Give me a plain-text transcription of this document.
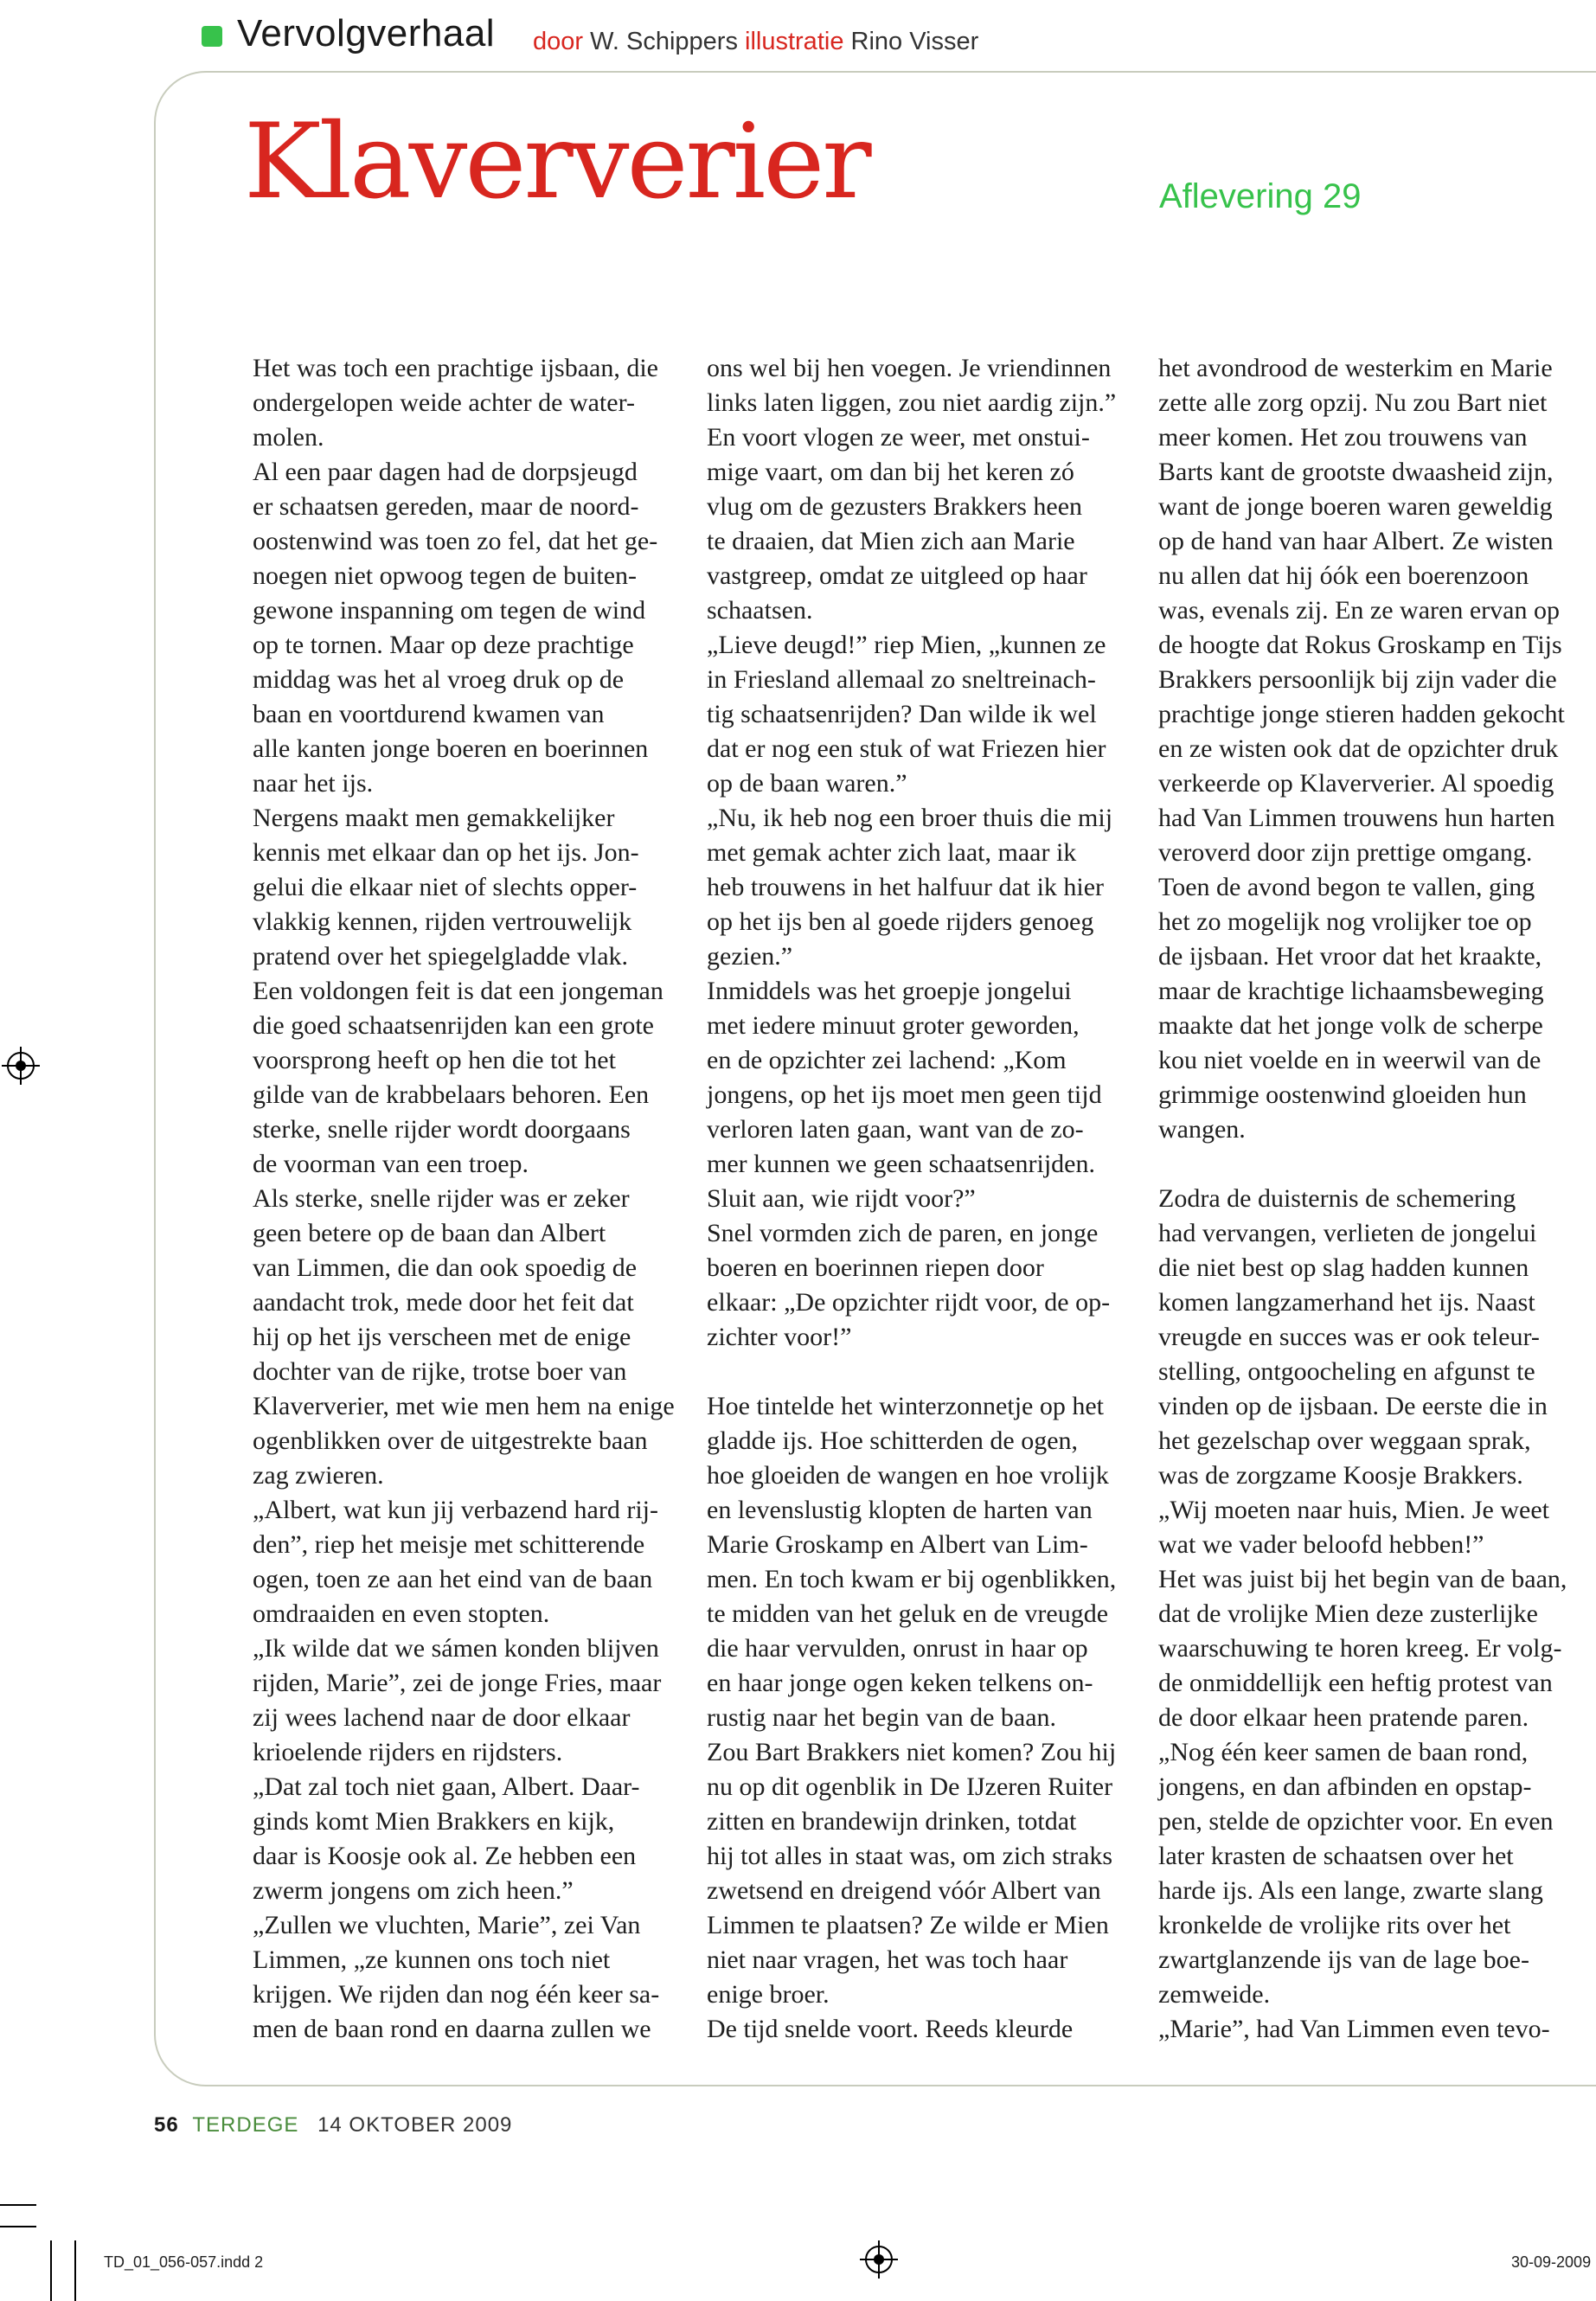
Vervolgverhaal door W. Schippers illustratie Rino Visser
Klaververier	Aflevering 29
Het was toch een prachtige ijsbaan, die
ondergelopen weide achter de water-
molen.
Al een paar dagen had de dorpsjeugd
er schaatsen gereden, maar de noord-
oostenwind was toen zo fel, dat het ge-
noegen niet opwoog tegen de buiten-
gewone inspanning om tegen de wind
op te tornen. Maar op deze prachtige
middag was het al vroeg druk op de
baan en voortdurend kwamen van
alle kanten jonge boeren en boerinnen
naar het ijs.
Nergens maakt men gemakkelijker
kennis met elkaar dan op het ijs. Jon-
gelui die elkaar niet of slechts opper-
vlakkig kennen, rijden vertrouwelijk
pratend over het spiegelgladde vlak.
Een voldongen feit is dat een jongeman
die goed schaatsenrijden kan een grote
voorsprong heeft op hen die tot het
gilde van de krabbelaars behoren. Een
sterke, snelle rijder wordt doorgaans
de voorman van een troep.
Als sterke, snelle rijder was er zeker
geen betere op de baan dan Albert
van Limmen, die dan ook spoedig de
aandacht trok, mede door het feit dat
hij op het ijs verscheen met de enige
dochter van de rijke, trotse boer van
Klaververier, met wie men hem na enige
ogenblikken over de uitgestrekte baan
zag zwieren.
„Albert, wat kun jij verbazend hard rij-
den”, riep het meisje met schitterende
ogen, toen ze aan het eind van de baan
omdraaiden en even stopten.
„Ik wilde dat we sámen konden blijven
rijden, Marie”, zei de jonge Fries, maar
zij wees lachend naar de door elkaar
krioelende rijders en rijdsters.
„Dat zal toch niet gaan, Albert. Daar-
ginds komt Mien Brakkers en kijk,
daar is Koosje ook al. Ze hebben een
zwerm jongens om zich heen.”
„Zullen we vluchten, Marie”, zei Van
Limmen, „ze kunnen ons toch niet
krijgen. We rijden dan nog één keer sa-
men de baan rond en daarna zullen we
ons wel bij hen voegen. Je vriendinnen
links laten liggen, zou niet aardig zijn.”
En voort vlogen ze weer, met onstui-
mige vaart, om dan bij het keren zó
vlug om de gezusters Brakkers heen
te draaien, dat Mien zich aan Marie
vastgreep, omdat ze uitgleed op haar
schaatsen.
„Lieve deugd!” riep Mien, „kunnen ze
in Friesland allemaal zo sneltreinach-
tig schaatsenrijden? Dan wilde ik wel
dat er nog een stuk of wat Friezen hier
op de baan waren.”
„Nu, ik heb nog een broer thuis die mij
met gemak achter zich laat, maar ik
heb trouwens in het halfuur dat ik hier
op het ijs ben al goede rijders genoeg
gezien.”
Inmiddels was het groepje jongelui
met iedere minuut groter geworden,
en de opzichter zei lachend: „Kom
jongens, op het ijs moet men geen tijd
verloren laten gaan, want van de zo-
mer kunnen we geen schaatsenrijden.
Sluit aan, wie rijdt voor?”
Snel vormden zich de paren, en jonge
boeren en boerinnen riepen door
elkaar: „De opzichter rijdt voor, de op-
zichter voor!”
Hoe tintelde het winterzonnetje op het
gladde ijs. Hoe schitterden de ogen,
hoe gloeiden de wangen en hoe vrolijk
en levenslustig klopten de harten van
Marie Groskamp en Albert van Lim-
men. En toch kwam er bij ogenblikken,
te midden van het geluk en de vreugde
die haar vervulden, onrust in haar op
en haar jonge ogen keken telkens on-
rustig naar het begin van de baan.
Zou Bart Brakkers niet komen? Zou hij
nu op dit ogenblik in De IJzeren Ruiter
zitten en brandewijn drinken, totdat
hij tot alles in staat was, om zich straks
zwetsend en dreigend vóór Albert van
Limmen te plaatsen? Ze wilde er Mien
niet naar vragen, het was toch haar
enige broer.
De tijd snelde voort. Reeds kleurde
het avondrood de westerkim en Marie
zette alle zorg opzij. Nu zou Bart niet
meer komen. Het zou trouwens van
Barts kant de grootste dwaasheid zijn,
want de jonge boeren waren geweldig
op de hand van haar Albert. Ze wisten
nu allen dat hij óók een boerenzoon
was, evenals zij. En ze waren ervan op
de hoogte dat Rokus Groskamp en Tijs
Brakkers persoonlijk bij zijn vader die
prachtige jonge stieren hadden gekocht
en ze wisten ook dat de opzichter druk
verkeerde op Klaververier. Al spoedig
had Van Limmen trouwens hun harten
veroverd door zijn prettige omgang.
Toen de avond begon te vallen, ging
het zo mogelijk nog vrolijker toe op
de ijsbaan. Het vroor dat het kraakte,
maar de krachtige lichaamsbeweging
maakte dat het jonge volk de scherpe
kou niet voelde en in weerwil van de
grimmige oostenwind gloeiden hun
wangen.
Zodra de duisternis de schemering
had vervangen, verlieten de jongelui
die niet best op slag hadden kunnen
komen langzamerhand het ijs. Naast
vreugde en succes was er ook teleur-
stelling, ontgoocheling en afgunst te
vinden op de ijsbaan. De eerste die in
het gezelschap over weggaan sprak,
was de zorgzame Koosje Brakkers.
„Wij moeten naar huis, Mien. Je weet
wat we vader beloofd hebben!”
Het was juist bij het begin van de baan,
dat de vrolijke Mien deze zusterlijke
waarschuwing te horen kreeg. Er volg-
de onmiddellijk een heftig protest van
de door elkaar heen pratende paren.
„Nog één keer samen de baan rond,
jongens, en dan afbinden en opstap-
pen, stelde de opzichter voor. En even
later krasten de schaatsen over het
harde ijs. Als een lange, zwarte slang
kronkelde de vrolijke rits over het
zwartglanzende ijs van de lage boe-
zemweide.
„Marie”, had Van Limmen even tevo-
56 TERDEGE 14 OKTOBER 2009
TD_01_056-057.indd 2	30-09-2009
